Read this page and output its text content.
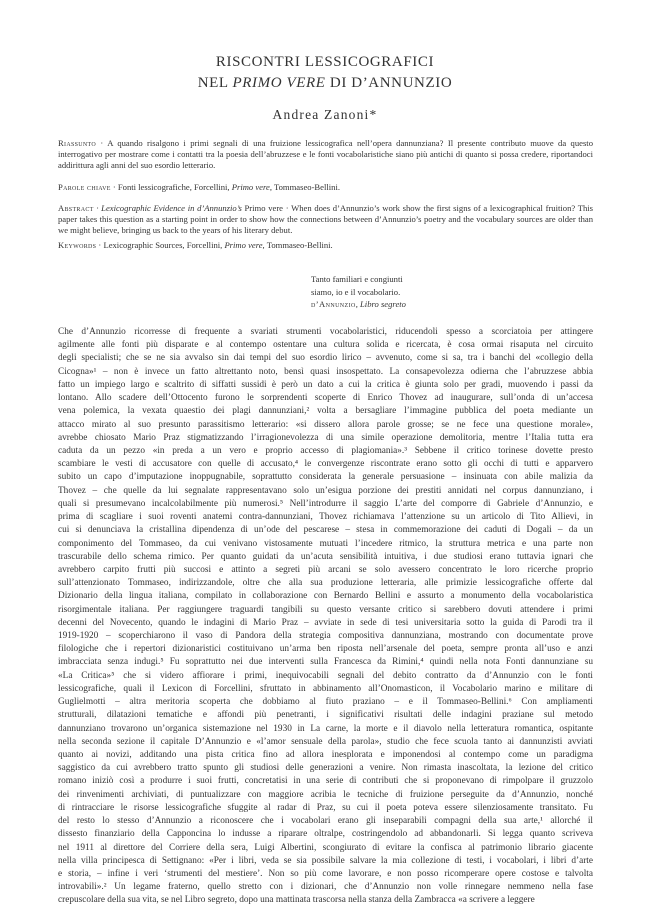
RISCONTRI LESSICOGRAFICI
NEL PRIMO VERE DI D’ANNUNZIO
Andrea Zanoni*
Riassunto · A quando risalgono i primi segnali di una fruizione lessicografica nell’opera dannunziana? Il presente contributo muove da questo interrogativo per mostrare come i contatti tra la poesia dell’abruzzese e le fonti vocabolaristiche siano più antichi di quanto si possa credere, riportandoci addirittura agli anni del suo esordio letterario.
Parole chiave · Fonti lessicografiche, Forcellini, Primo vere, Tommaseo-Bellini.
Abstract · Lexicographic Evidence in d’Annunzio’s Primo vere · When does d’Annunzio’s work show the first signs of a lexicographical fruition? This paper takes this question as a starting point in order to show how the connections between d’Annunzio’s poetry and the vocabulary sources are older than we might believe, bringing us back to the years of his literary debut.
Keywords · Lexicographic Sources, Forcellini, Primo vere, Tommaseo-Bellini.
Tanto familiari e congiunti
siamo, io e il vocabolario.
d’Annunzio, Libro segreto
Che d’Annunzio ricorresse di frequente a svariati strumenti vocabolaristici, riducendoli spesso a scorciatoia per attingere
agilmente alle fonti più disparate e al contempo ostentare una cultura solida e ricercata, è cosa ormai risaputa nel circuito
degli specialisti; che se ne sia avvalso sin dai tempi del suo esordio lirico – avvenuto, come si sa, tra i banchi del «collegio della
Cicogna»¹ – non è invece un fatto altrettanto noto, bensì quasi insospettato. La consapevolezza odierna che l’abruzzese abbia
fatto un impiego largo e scaltrito di siffatti sussidi è però un dato a cui la critica è giunta solo per gradi, muovendo i passi da
lontano. Allo scadere dell’Ottocento furono le sorprendenti scoperte di Enrico Thovez ad inaugurare, sull’onda di un’accesa
vena polemica, la vexata quaestio dei plagi dannunziani,² volta a bersagliare l’immagine pubblica del poeta mediante un
attacco mirato al suo presunto parassitismo letterario: «si dissero allora parole grosse; se ne fece una questione morale»,
avrebbe chiosato Mario Praz stigmatizzando l’irragionevolezza di una simile operazione demolitoria, mentre l’Italia tutta era
caduta da un pezzo «in preda a un vero e proprio accesso di plagiomania».³ Sebbene il critico torinese dovette presto
scambiare le vesti di accusatore con quelle di accusato,⁴ le convergenze riscontrate erano sotto gli occhi di tutti e apparvero
subito un capo d’imputazione inoppugnabile, soprattutto considerata la generale persuasione – insinuata con abile malizia da
Thovez – che quelle da lui segnalate rappresentavano solo un’esigua porzione dei prestiti annidati nel corpus dannunziano, i
quali si presumevano incalcolabilmente più numerosi.⁵ Nell’introdurre il saggio L’arte del comporre di Gabriele d’Annunzio, e
prima di scagliare i suoi roventi anatemi contra-dannunziani, Thovez richiamava l’attenzione su un articolo di Tito Allievi, in
cui si denunciava la cristallina dipendenza di un’ode del pescarese – stesa in commemorazione dei caduti di Dogali – da un
componimento del Tommaseo, da cui venivano vistosamente mutuati l’incedere ritmico, la struttura metrica e una parte non
trascurabile dello schema rimico. Per quanto guidati da un’acuta sensibilità intuitiva, i due studiosi erano tuttavia ignari che
avrebbero carpito frutti più succosi e attinto a segreti più arcani se solo avessero concentrato le loro ricerche proprio
sull’attenzionato Tommaseo, indirizzandole, oltre che alla sua produzione letteraria, alle primizie lessicografiche offerte dal
Dizionario della lingua italiana, compilato in collaborazione con Bernardo Bellini e assurto a monumento della vocabolaristica
risorgimentale italiana. Per raggiungere traguardi tangibili su questo versante critico si sarebbero dovuti attendere i primi
decenni del Novecento, quando le indagini di Mario Praz – avviate in sede di tesi universitaria sotto la guida di Parodi tra il
1919-1920 – scoperchiarono il vaso di Pandora della strategia compositiva dannunziana, mostrando con documentate prove
filologiche che i repertori dizionaristici costituivano un’arma ben riposta nell’arsenale del poeta, sempre pronta all’uso e anzi
imbracciata senza indugi.⁵ Fu soprattutto nei due interventi sulla Francesca da Rimini,⁴ quindi nella nota Fonti dannunziane su
«La Critica»⁵ che si videro affiorare i primi, inequivocabili segnali del debito contratto da d’Annunzio con le fonti
lessicografiche, quali il Lexicon di Forcellini, sfruttato in abbinamento all’Onomasticon, il Vocabolario marino e militare di
Guglielmotti – altra meritoria scoperta che dobbiamo al fiuto praziano – e il Tommaseo-Bellini.⁶ Con ampliamenti
strutturali, dilatazioni tematiche e affondi più penetranti, i significativi risultati delle indagini praziane sul metodo
dannunziano trovarono un’organica sistemazione nel 1930 in La carne, la morte e il diavolo nella letteratura romantica, ospitante
nella seconda sezione il capitale D’Annunzio e «l’amor sensuale della parola», studio che fece scuola tanto ai dannunzisti avviati
quanto ai novizi, additando una pista critica fino ad allora inesplorata e imponendosi al contempo come un paradigma
saggistico da cui avrebbero tratto spunto gli studiosi delle generazioni a venire. Non rimasta inascoltata, la lezione del critico
romano iniziò così a produrre i suoi frutti, concretatisi in una serie di contributi che si proponevano di rimpolpare il gruzzolo
dei rinvenimenti archiviati, di puntualizzare con maggiore acribia le tecniche di fruizione perseguite da d’Annunzio, nonché
di rintracciare le risorse lessicografiche sfuggite al radar di Praz, su cui il poeta poteva essere silenziosamente transitato. Fu
del resto lo stesso d’Annunzio a riconoscere che i vocabolari erano gli inseparabili compagni della sua arte,¹ allorché il
dissesto finanziario della Capponcina lo indusse a riparare oltralpe, costringendolo ad abbandonarli. Si legga quanto scriveva
nel 1911 al direttore del Corriere della sera, Luigi Albertini, scongiurato di evitare la confisca al patrimonio librario giacente
nella villa principesca di Settignano: «Per i libri, veda se sia possibile salvare la mia collezione di testi, i vocabolari, i libri d’arte
e storia, – infine i veri ‘strumenti del mestiere’. Non so più come lavorare, e non posso ricomperare opere costose e talvolta
introvabili».² Un legame fraterno, quello stretto con i dizionari, che d’Annunzio non volle rinnegare nemmeno nella fase
crepuscolare della sua vita, se nel Libro segreto, dopo una mattinata trascorsa nella stanza della Zambracca «a scrivere a leggere
